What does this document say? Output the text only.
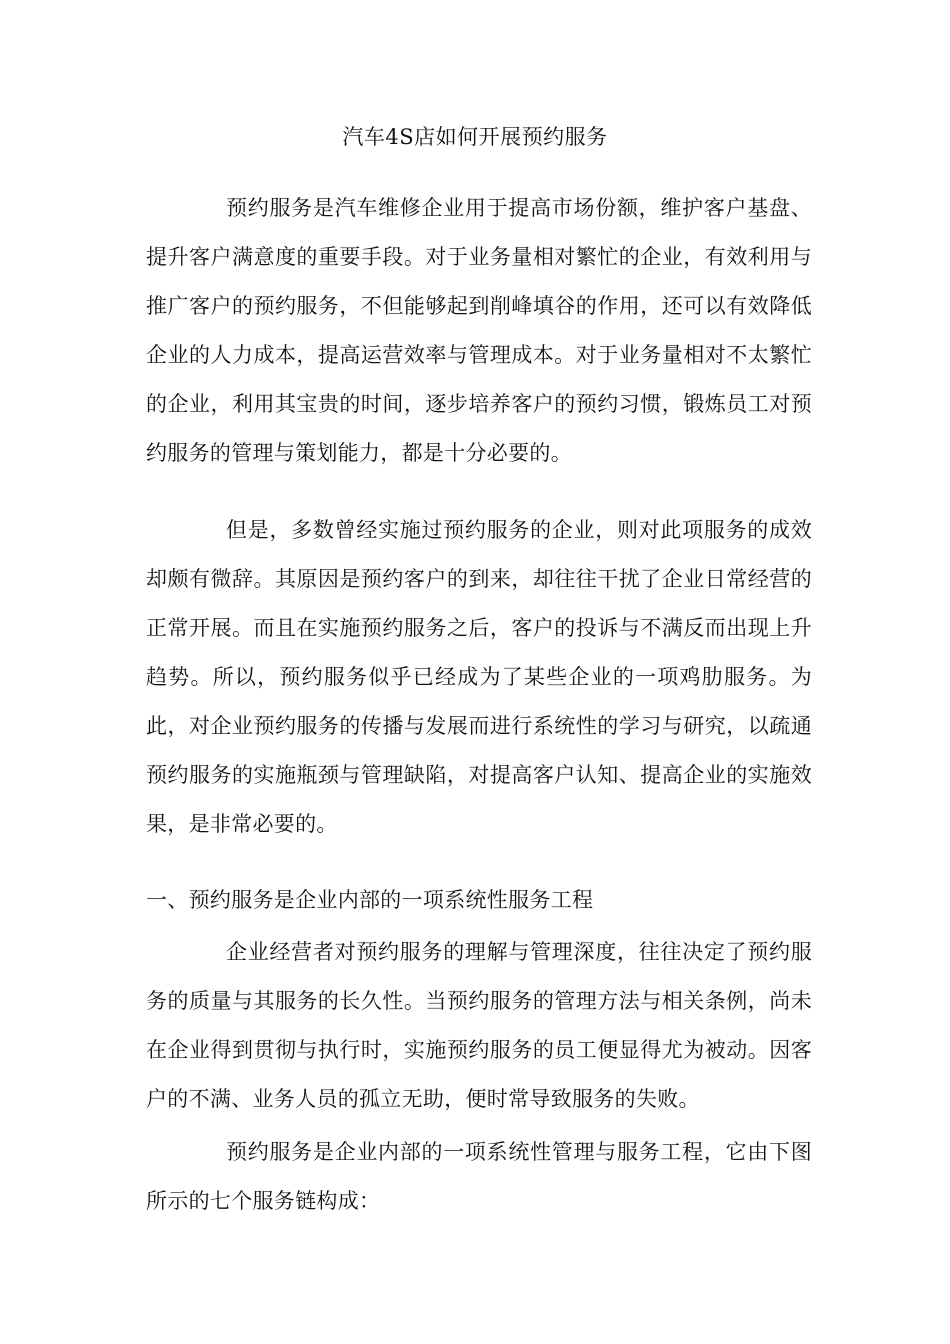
汽车4S店如何开展预约服务

预约服务是汽车维修企业用于提高市场份额，维护客户基盘、提升客户满意度的重要手段。对于业务量相对繁忙的企业，有效利用与推广客户的预约服务，不但能够起到削峰填谷的作用，还可以有效降低企业的人力成本，提高运营效率与管理成本。对于业务量相对不太繁忙的企业，利用其宝贵的时间，逐步培养客户的预约习惯，锻炼员工对预约服务的管理与策划能力，都是十分必要的。

但是，多数曾经实施过预约服务的企业，则对此项服务的成效却颇有微辞。其原因是预约客户的到来，却往往干扰了企业日常经营的正常开展。而且在实施预约服务之后，客户的投诉与不满反而出现上升趋势。所以，预约服务似乎已经成为了某些企业的一项鸡肋服务。为此，对企业预约服务的传播与发展而进行系统性的学习与研究，以疏通预约服务的实施瓶颈与管理缺陷，对提高客户认知、提高企业的实施效果，是非常必要的。

一、预约服务是企业内部的一项系统性服务工程

企业经营者对预约服务的理解与管理深度，往往决定了预约服务的质量与其服务的长久性。当预约服务的管理方法与相关条例，尚未在企业得到贯彻与执行时，实施预约服务的员工便显得尤为被动。因客户的不满、业务人员的孤立无助，便时常导致服务的失败。

预约服务是企业内部的一项系统性管理与服务工程，它由下图所示的七个服务链构成：
